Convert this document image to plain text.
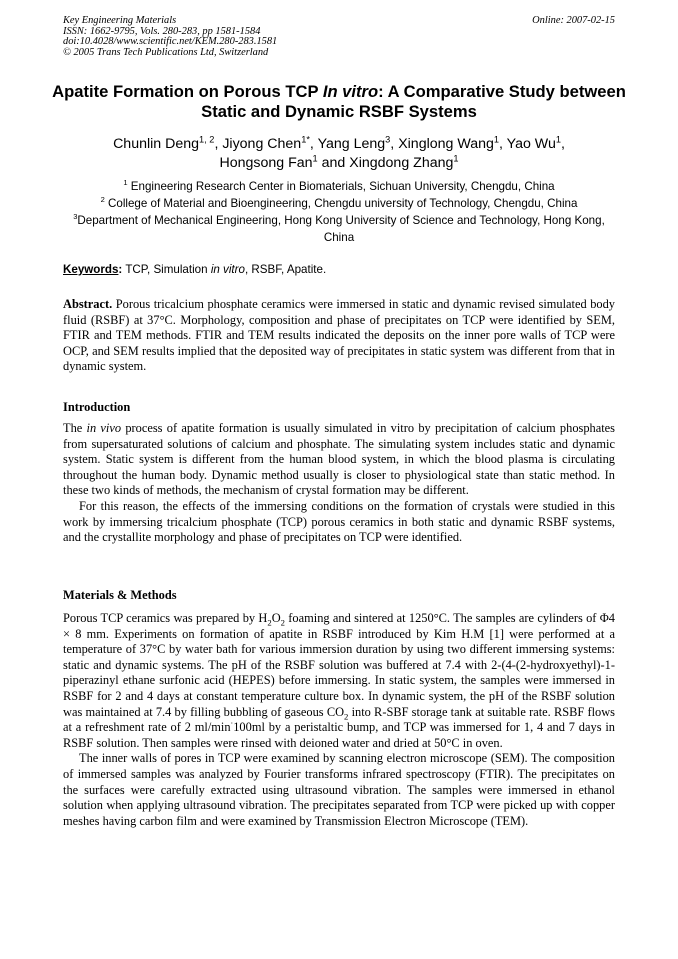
Key Engineering Materials
ISSN: 1662-9795, Vols. 280-283, pp 1581-1584
doi:10.4028/www.scientific.net/KEM.280-283.1581
© 2005 Trans Tech Publications Ltd, Switzerland
Online: 2007-02-15
Apatite Formation on Porous TCP In vitro: A Comparative Study between Static and Dynamic RSBF Systems
Chunlin Deng$^{1, 2}$, Jiyong Chen$^{1*}$, Yang Leng$^3$, Xinglong Wang$^1$, Yao Wu$^1$,
Hongsong Fan$^1$ and Xingdong Zhang$^1$
$^1$ Engineering Research Center in Biomaterials, Sichuan University, Chengdu, China
$^2$ College of Material and Bioengineering, Chengdu university of Technology, Chengdu, China
$^3$Department of Mechanical Engineering, Hong Kong University of Science and Technology, Hong Kong, China
Keywords: TCP, Simulation in vitro, RSBF, Apatite.

Abstract. Porous tricalcium phosphate ceramics were immersed in static and dynamic revised simulated body fluid (RSBF) at 37°C. Morphology, composition and phase of precipitates on TCP were identified by SEM, FTIR and TEM methods. FTIR and TEM results indicated the deposits on the inner pore walls of TCP were OCP, and SEM results implied that the deposited way of precipitates in static system was different from that in dynamic system.

Introduction

The in vivo process of apatite formation is usually simulated in vitro by precipitation of calcium phosphates from supersaturated solutions of calcium and phosphate. The simulating system includes static and dynamic system. Static system is different from the human blood system, in which the blood plasma is circulating throughout the human body. Dynamic method usually is closer to physiological state than static method. In these two kinds of methods, the mechanism of crystal formation may be different.

For this reason, the effects of the immersing conditions on the formation of crystals were studied in this work by immersing tricalcium phosphate (TCP) porous ceramics in both static and dynamic RSBF systems, and the crystallite morphology and phase of precipitates on TCP were identified.

Materials & Methods

Porous TCP ceramics was prepared by $H_2O_2$ foaming and sintered at 1250°C. The samples are cylinders of Φ4 × 8 mm. Experiments on formation of apatite in RSBF introduced by Kim H.M [1] were performed at a temperature of 37°C by water bath for various immersion duration by using two different immersing systems: static and dynamic systems. The pH of the RSBF solution was buffered at 7.4 with 2-(4-(2-hydroxyethyl)-1- piperazinyl ethane surfonic acid (HEPES) before immersing. In static system, the samples were immersed in RSBF for 2 and 4 days at constant temperature culture box. In dynamic system, the pH of the RSBF solution was maintained at 7.4 by filling bubbling of gaseous $CO_2$ into R-SBF storage tank at suitable rate. RSBF flows at a refreshment rate of 2 ml/min·100ml by a peristaltic bump, and TCP was immersed for 1, 4 and 7 days in RSBF solution. Then samples were rinsed with deioned water and dried at 50°C in oven.

The inner walls of pores in TCP were examined by scanning electron microscope (SEM). The composition of immersed samples was analyzed by Fourier transforms infrared spectroscopy (FTIR). The precipitates on the surfaces were carefully extracted using ultrasound vibration. The samples were immersed in ethanol solution when applying ultrasound vibration. The precipitates separated from TCP were picked up with copper meshes having carbon film and were examined by Transmission Electron Microscope (TEM).
